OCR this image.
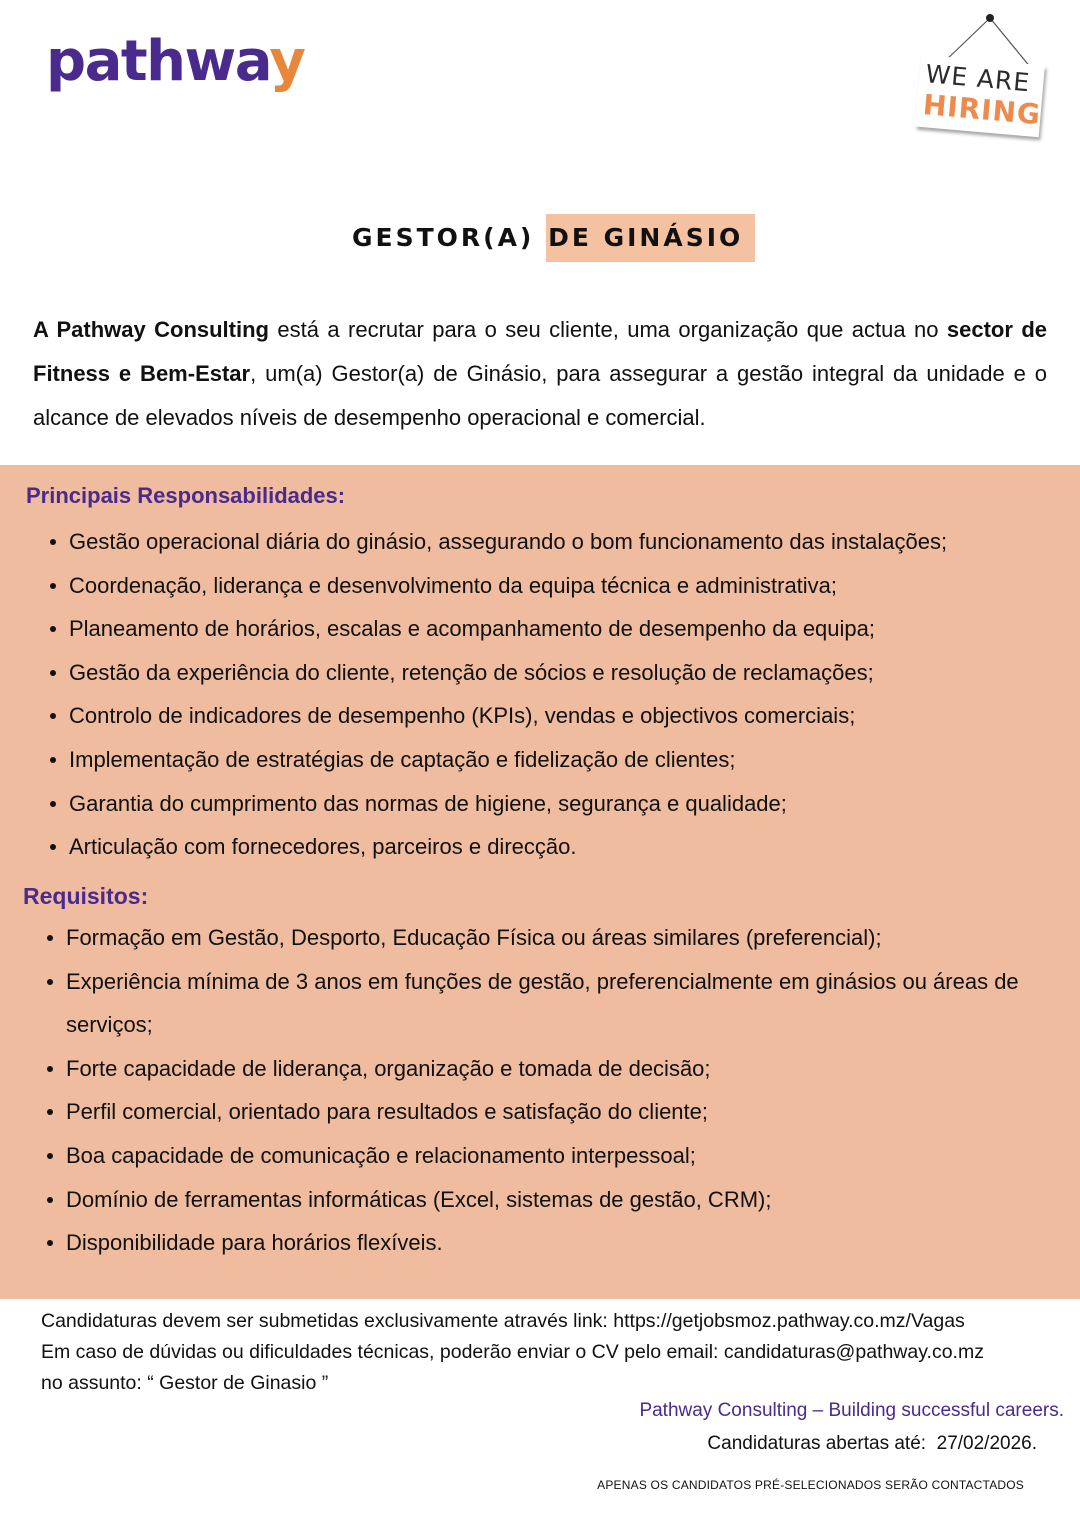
pathway	WE ARE
HIRING
GESTOR(A) DE GINÁSIO
A Pathway Consulting está a recrutar para o seu cliente, uma organização que actua no sector de Fitness e Bem-Estar, um(a) Gestor(a) de Ginásio, para assegurar a gestão integral da unidade e o alcance de elevados níveis de desempenho operacional e comercial.
Principais Responsabilidades:
Gestão operacional diária do ginásio, assegurando o bom funcionamento das instalações;
Coordenação, liderança e desenvolvimento da equipa técnica e administrativa;
Planeamento de horários, escalas e acompanhamento de desempenho da equipa;
Gestão da experiência do cliente, retenção de sócios e resolução de reclamações;
Controlo de indicadores de desempenho (KPIs), vendas e objectivos comerciais;
Implementação de estratégias de captação e fidelização de clientes;
Garantia do cumprimento das normas de higiene, segurança e qualidade;
Articulação com fornecedores, parceiros e direcção.
Requisitos:
Formação em Gestão, Desporto, Educação Física ou áreas similares (preferencial);
Experiência mínima de 3 anos em funções de gestão, preferencialmente em ginásios ou áreas de serviços;
Forte capacidade de liderança, organização e tomada de decisão;
Perfil comercial, orientado para resultados e satisfação do cliente;
Boa capacidade de comunicação e relacionamento interpessoal;
Domínio de ferramentas informáticas (Excel, sistemas de gestão, CRM);
Disponibilidade para horários flexíveis.

Candidaturas devem ser submetidas exclusivamente através link: https://getjobsmoz.pathway.co.mz/Vagas

Em caso de dúvidas ou dificuldades técnicas, poderão enviar o CV pelo email: candidaturas@pathway.co.mz

no assunto: “ Gestor de Ginasio ”

Pathway Consulting – Building successful careers.
Candidaturas abertas até: 27/02/2026.
APENAS OS CANDIDATOS PRÉ-SELECIONADOS SERÃO CONTACTADOS
